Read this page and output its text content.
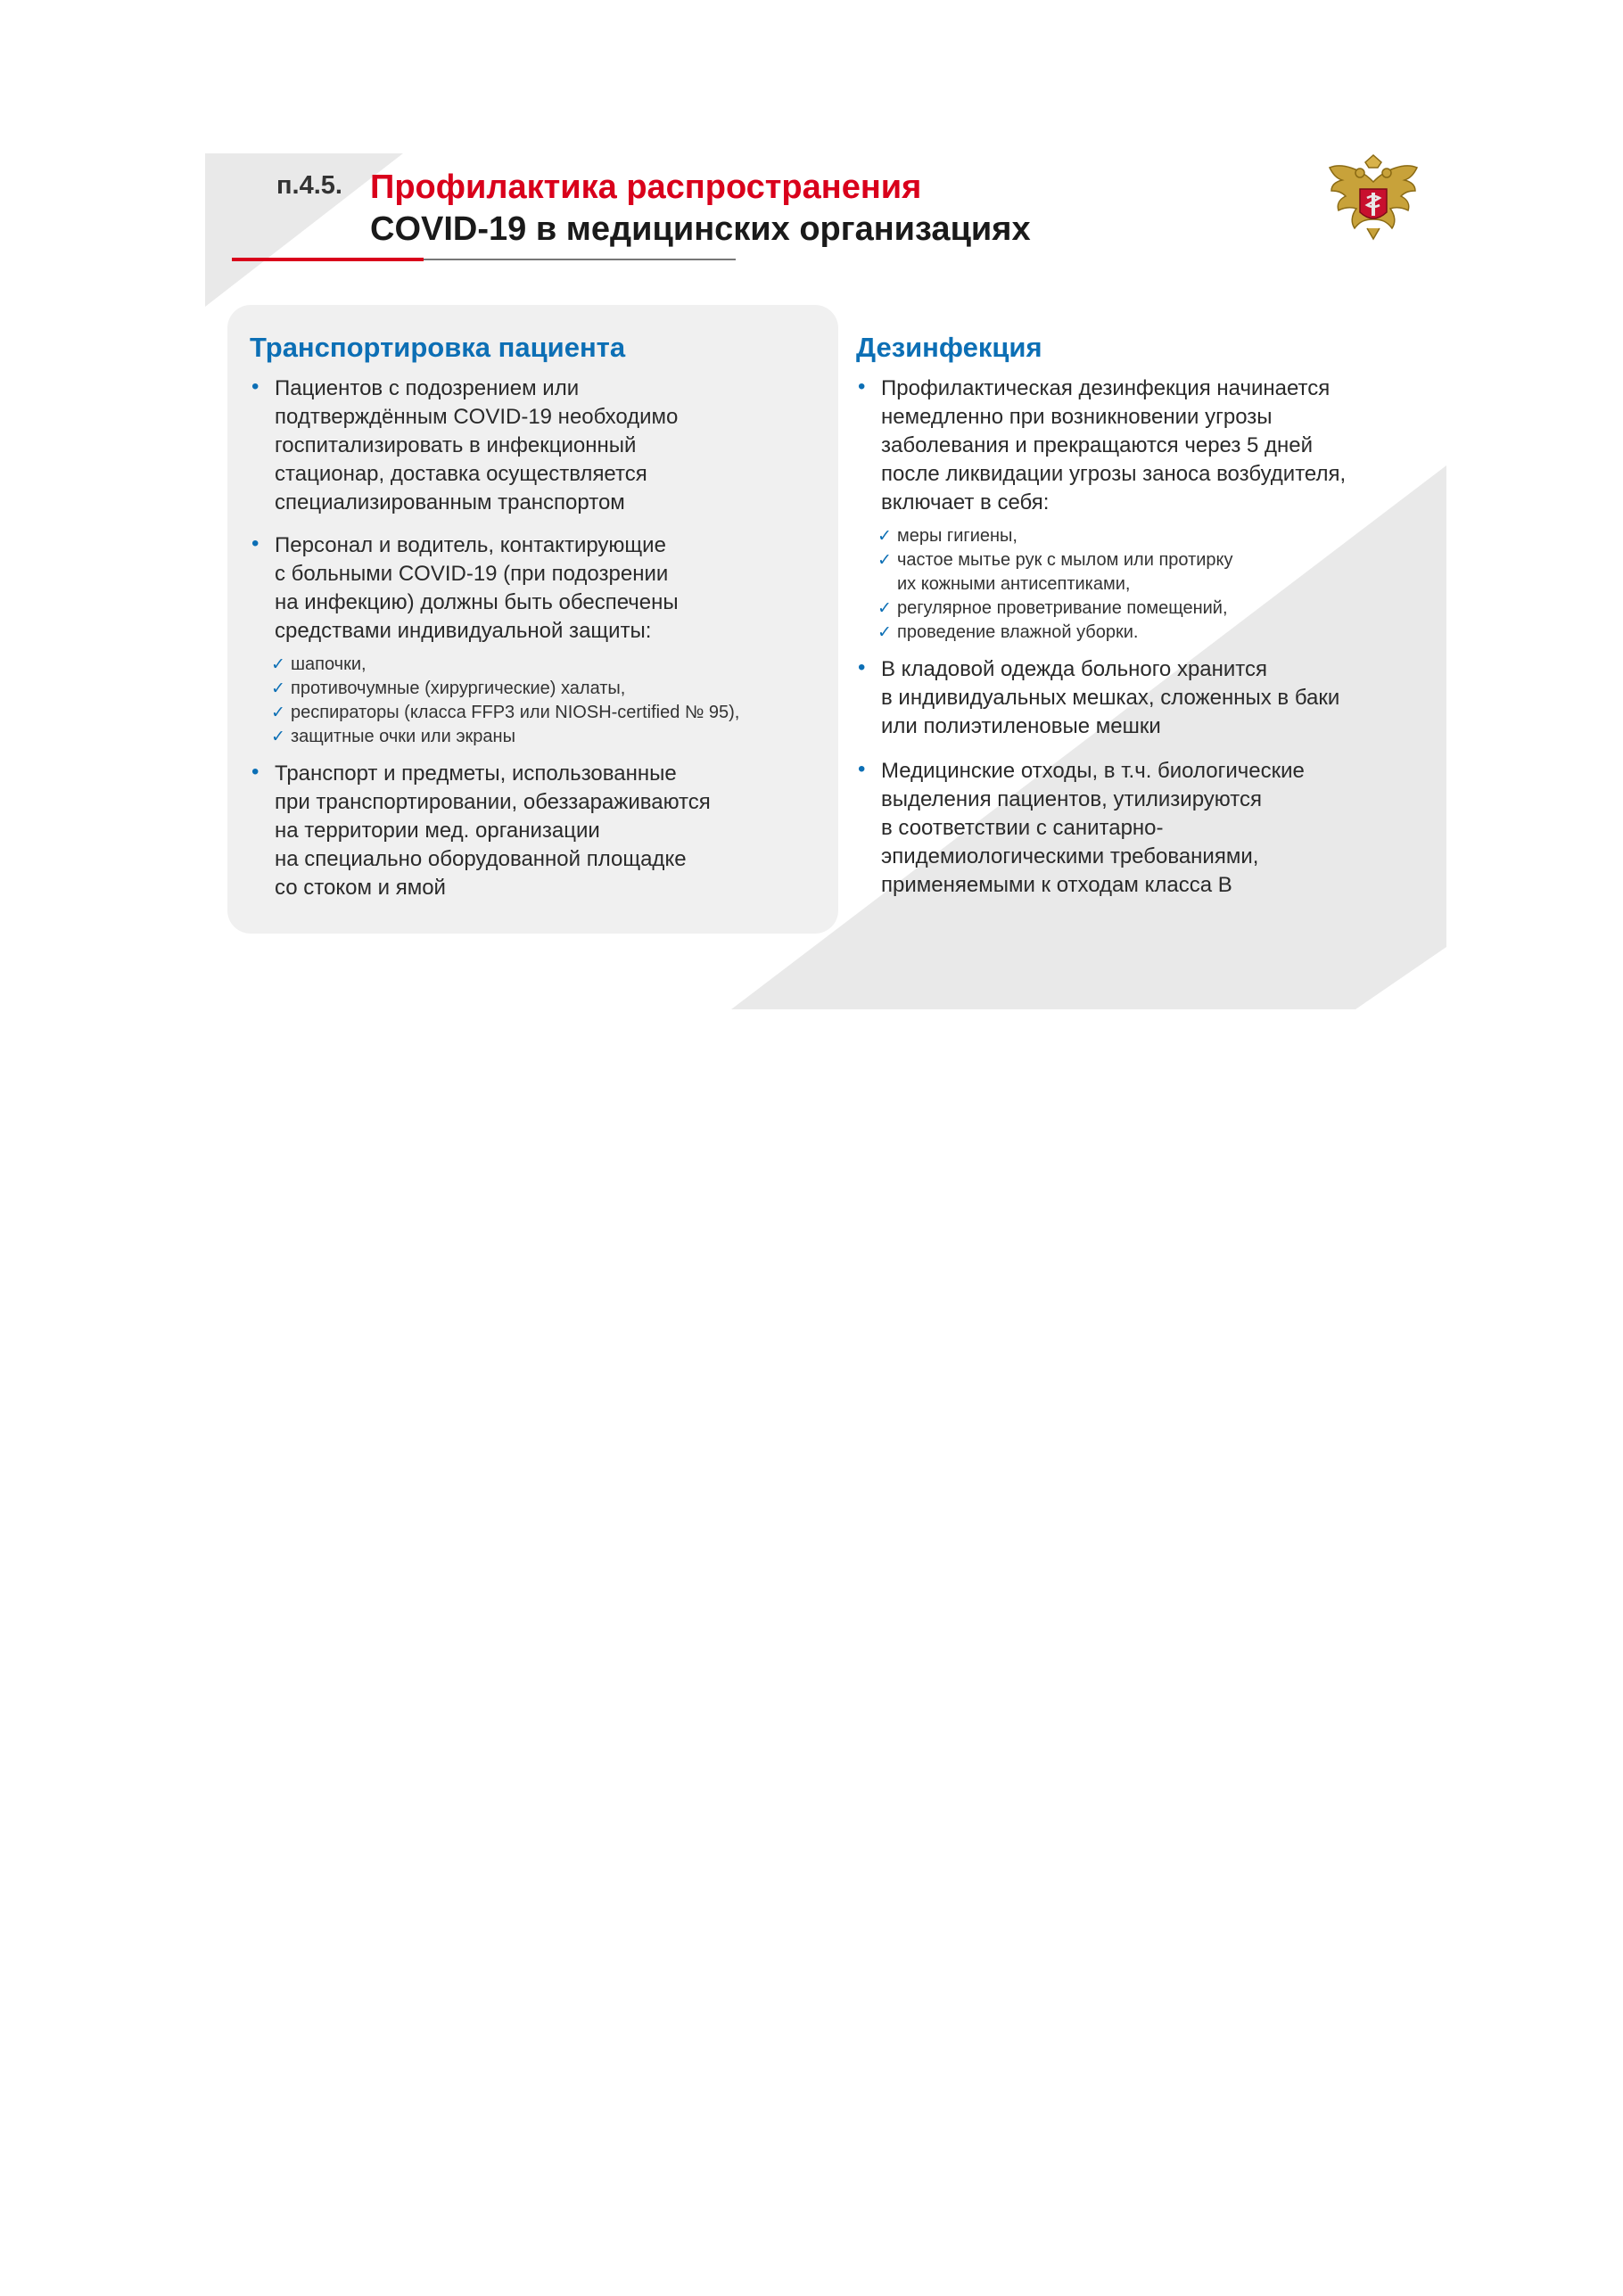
п.4.5. Профилактика распространения
COVID-19 в медицинских организациях
Транспортировка пациента
• Пациентов с подозрением или
подтверждённым COVID-19 необходимо
госпитализировать в инфекционный
стационар, доставка осуществляется
специализированным транспортом
• Персонал и водитель, контактирующие
с больными COVID-19 (при подозрении
на инфекцию) должны быть обеспечены
средствами индивидуальной защиты:
✓ шапочки,
✓ противочумные (хирургические) халаты,
✓ респираторы (класса FFP3 или NIOSH-certified № 95),
✓ защитные очки или экраны
• Транспорт и предметы, использованные
при транспортировании, обеззараживаются
на территории мед. организации
на специально оборудованной площадке
со стоком и ямой
Дезинфекция
• Профилактическая дезинфекция начинается
немедленно при возникновении угрозы
заболевания и прекращаются через 5 дней
после ликвидации угрозы заноса возбудителя,
включает в себя:
✓ меры гигиены,
✓ частое мытье рук с мылом или протирку
их кожными антисептиками,
✓ регулярное проветривание помещений,
✓ проведение влажной уборки.
• В кладовой одежда больного хранится
в индивидуальных мешках, сложенных в баки
или полиэтиленовые мешки
• Медицинские отходы, в т.ч. биологические
выделения пациентов, утилизируются
в соответствии с санитарно-
эпидемиологическими требованиями,
применяемыми к отходам класса В
